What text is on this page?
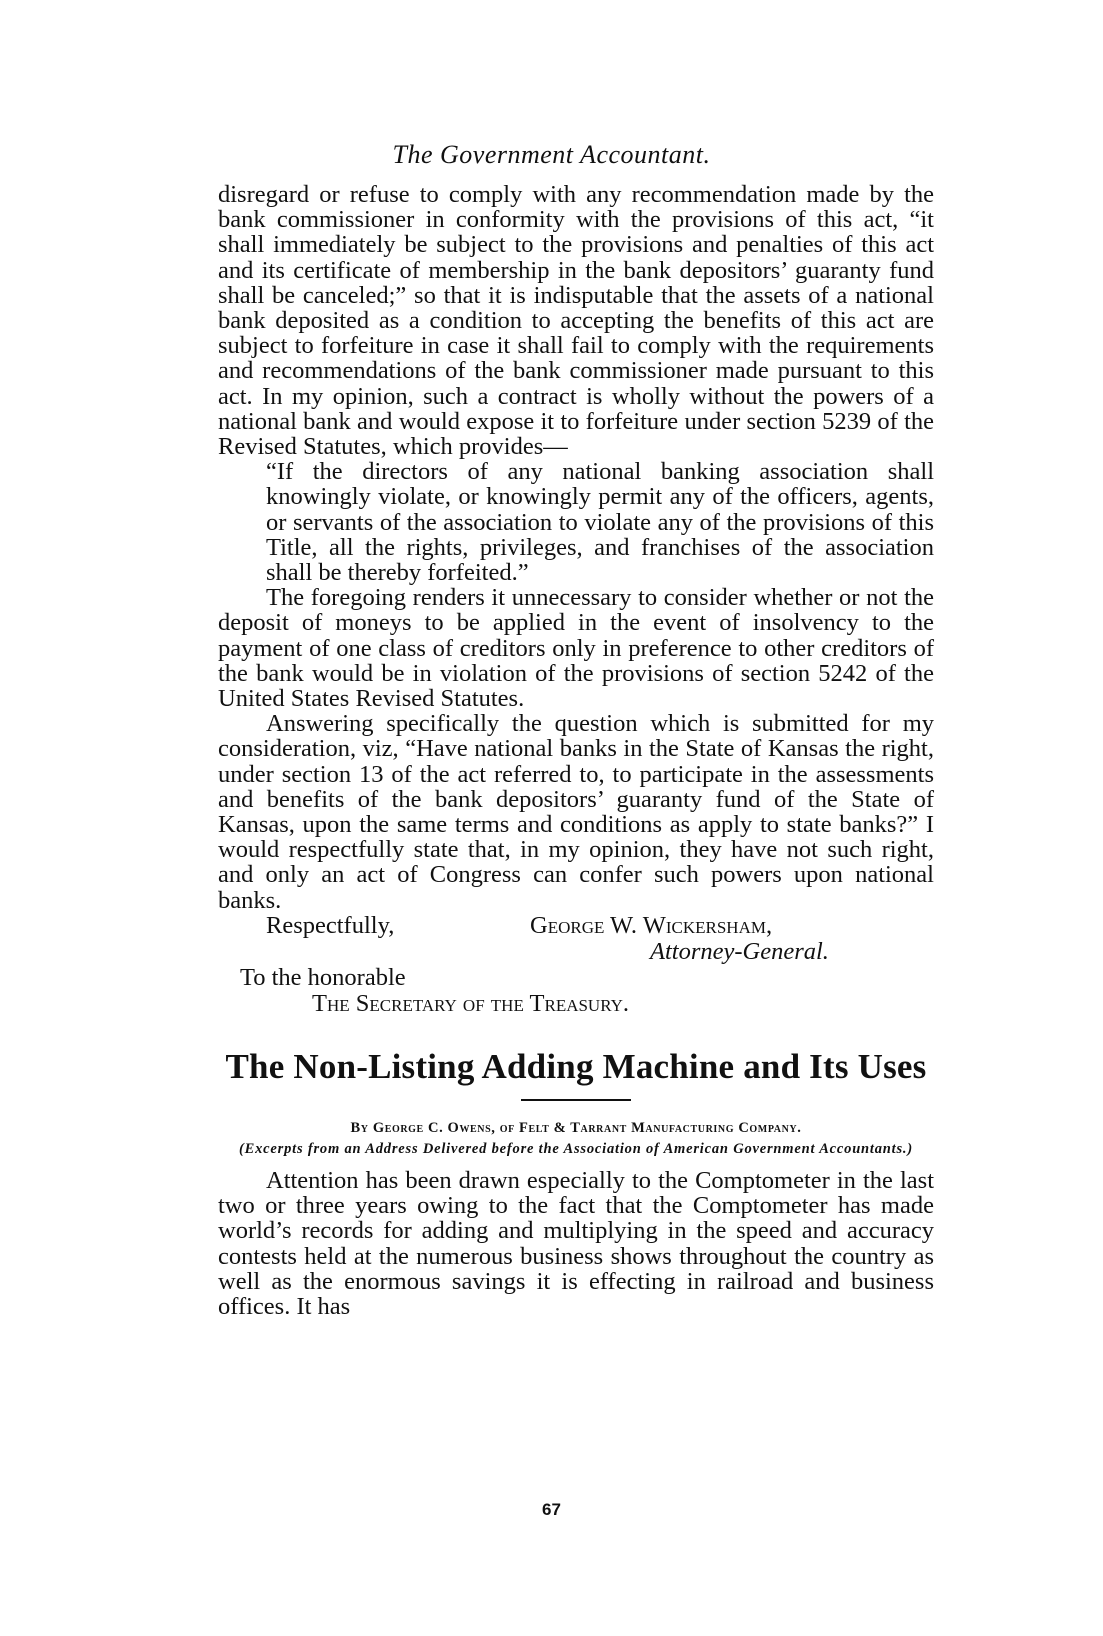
The Government Accountant.

disregard or refuse to comply with any recommendation made by the bank commissioner in conformity with the provisions of this act, “it shall immediately be subject to the provisions and penalties of this act and its certificate of membership in the bank depositors’ guaranty fund shall be canceled;” so that it is indisputable that the assets of a national bank deposited as a condition to accepting the benefits of this act are subject to forfeiture in case it shall fail to comply with the requirements and recommendations of the bank commissioner made pursuant to this act. In my opinion, such a contract is wholly without the powers of a national bank and would expose it to forfeiture under section 5239 of the Revised Statutes, which provides—

“If the directors of any national banking association shall knowingly violate, or knowingly permit any of the officers, agents, or servants of the association to violate any of the provisions of this Title, all the rights, privileges, and franchises of the association shall be thereby forfeited.”

The foregoing renders it unnecessary to consider whether or not the deposit of moneys to be applied in the event of insolvency to the payment of one class of creditors only in preference to other creditors of the bank would be in violation of the provisions of section 5242 of the United States Revised Statutes.

Answering specifically the question which is submitted for my consideration, viz, “Have national banks in the State of Kansas the right, under section 13 of the act referred to, to participate in the assessments and benefits of the bank depositors’ guaranty fund of the State of Kansas, upon the same terms and conditions as apply to state banks?” I would respectfully state that, in my opinion, they have not such right, and only an act of Congress can confer such powers upon national banks.

Respectfully,	George W. Wickersham,
Attorney-General.
To the honorable
The Secretary of the Treasury.
The Non-Listing Adding Machine and Its Uses
By George C. Owens, of Felt & Tarrant Manufacturing Company.
(Excerpts from an Address Delivered before the Association of American Government Accountants.)

Attention has been drawn especially to the Comptometer in the last two or three years owing to the fact that the Comptometer has made world’s records for adding and multiplying in the speed and accuracy contests held at the numerous business shows throughout the country as well as the enormous savings it is effecting in railroad and business offices. It has

67
